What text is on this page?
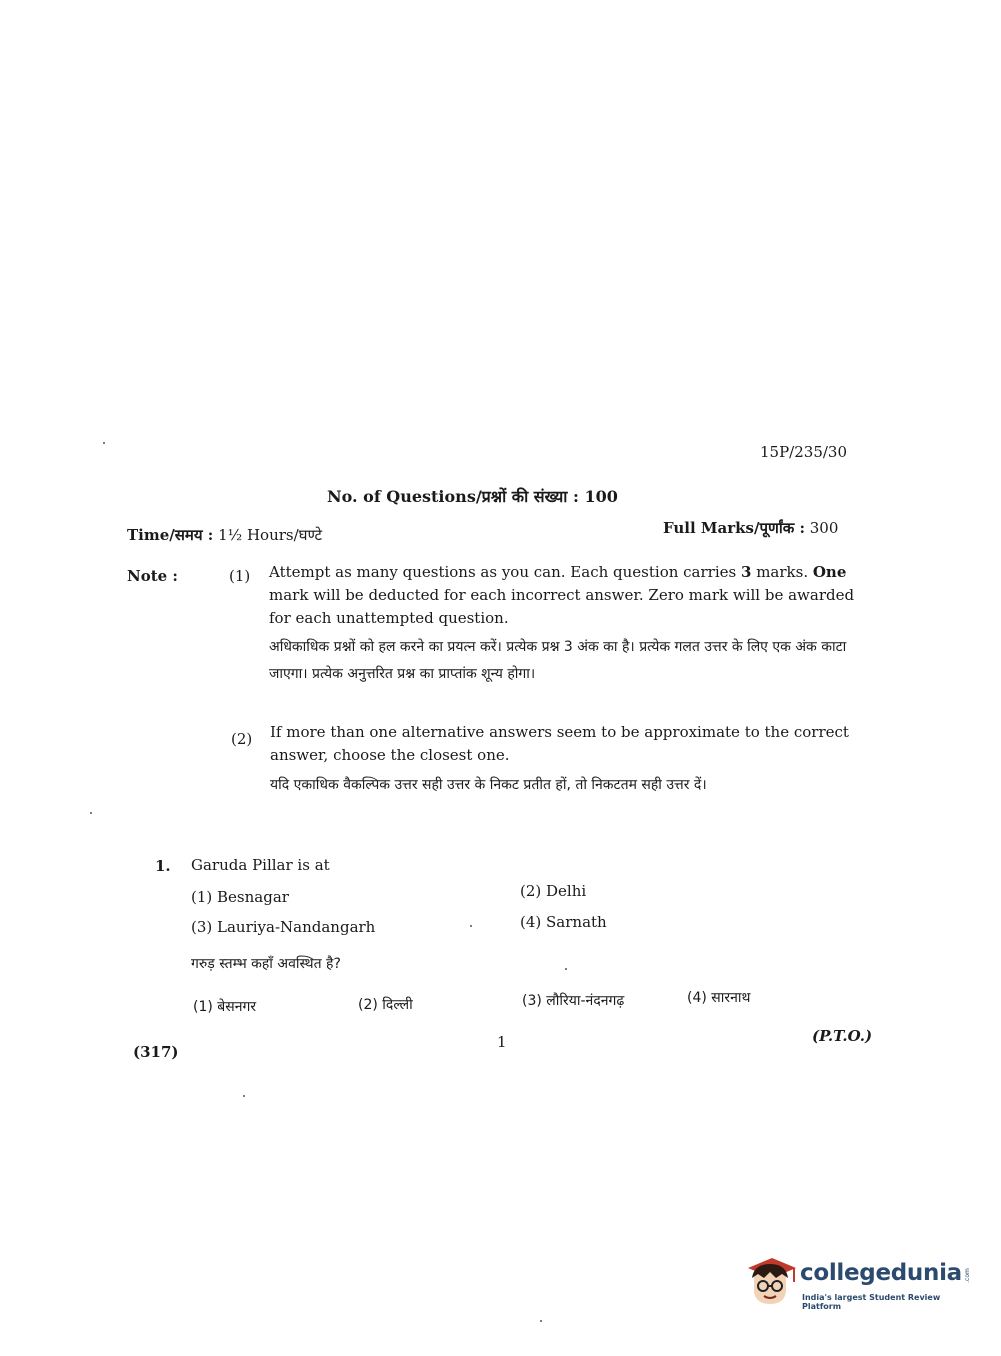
15P/235/30
No. of Questions/प्रश्नों की संख्या : 100
Time/समय : 1½ Hours/घण्टे	Full Marks/पूर्णांक : 300
Note :	(1) Attempt as many questions as you can. Each question carries 3 marks. One mark will be deducted for each incorrect answer. Zero mark will be awarded for each unattempted question.
अधिकाधिक प्रश्नों को हल करने का प्रयत्न करें। प्रत्येक प्रश्न 3 अंक का है। प्रत्येक गलत उत्तर के लिए एक अंक काटा जाएगा। प्रत्येक अनुत्तरित प्रश्न का प्राप्तांक शून्य होगा।
(2) If more than one alternative answers seem to be approximate to the correct answer, choose the closest one.
यदि एकाधिक वैकल्पिक उत्तर सही उत्तर के निकट प्रतीत हों, तो निकटतम सही उत्तर दें।
1. Garuda Pillar is at
(1) Besnagar	(2) Delhi
(3) Lauriya-Nandangarh	(4) Sarnath
गरुड़ स्तम्भ कहाँ अवस्थित है?
(1) बेसनगर	(2) दिल्ली	(3) लौरिया-नंदनगढ़	(4) सारनाथ
(317)
1	(P.T.O.)
collegedunia .com
India's largest Student Review Platform
